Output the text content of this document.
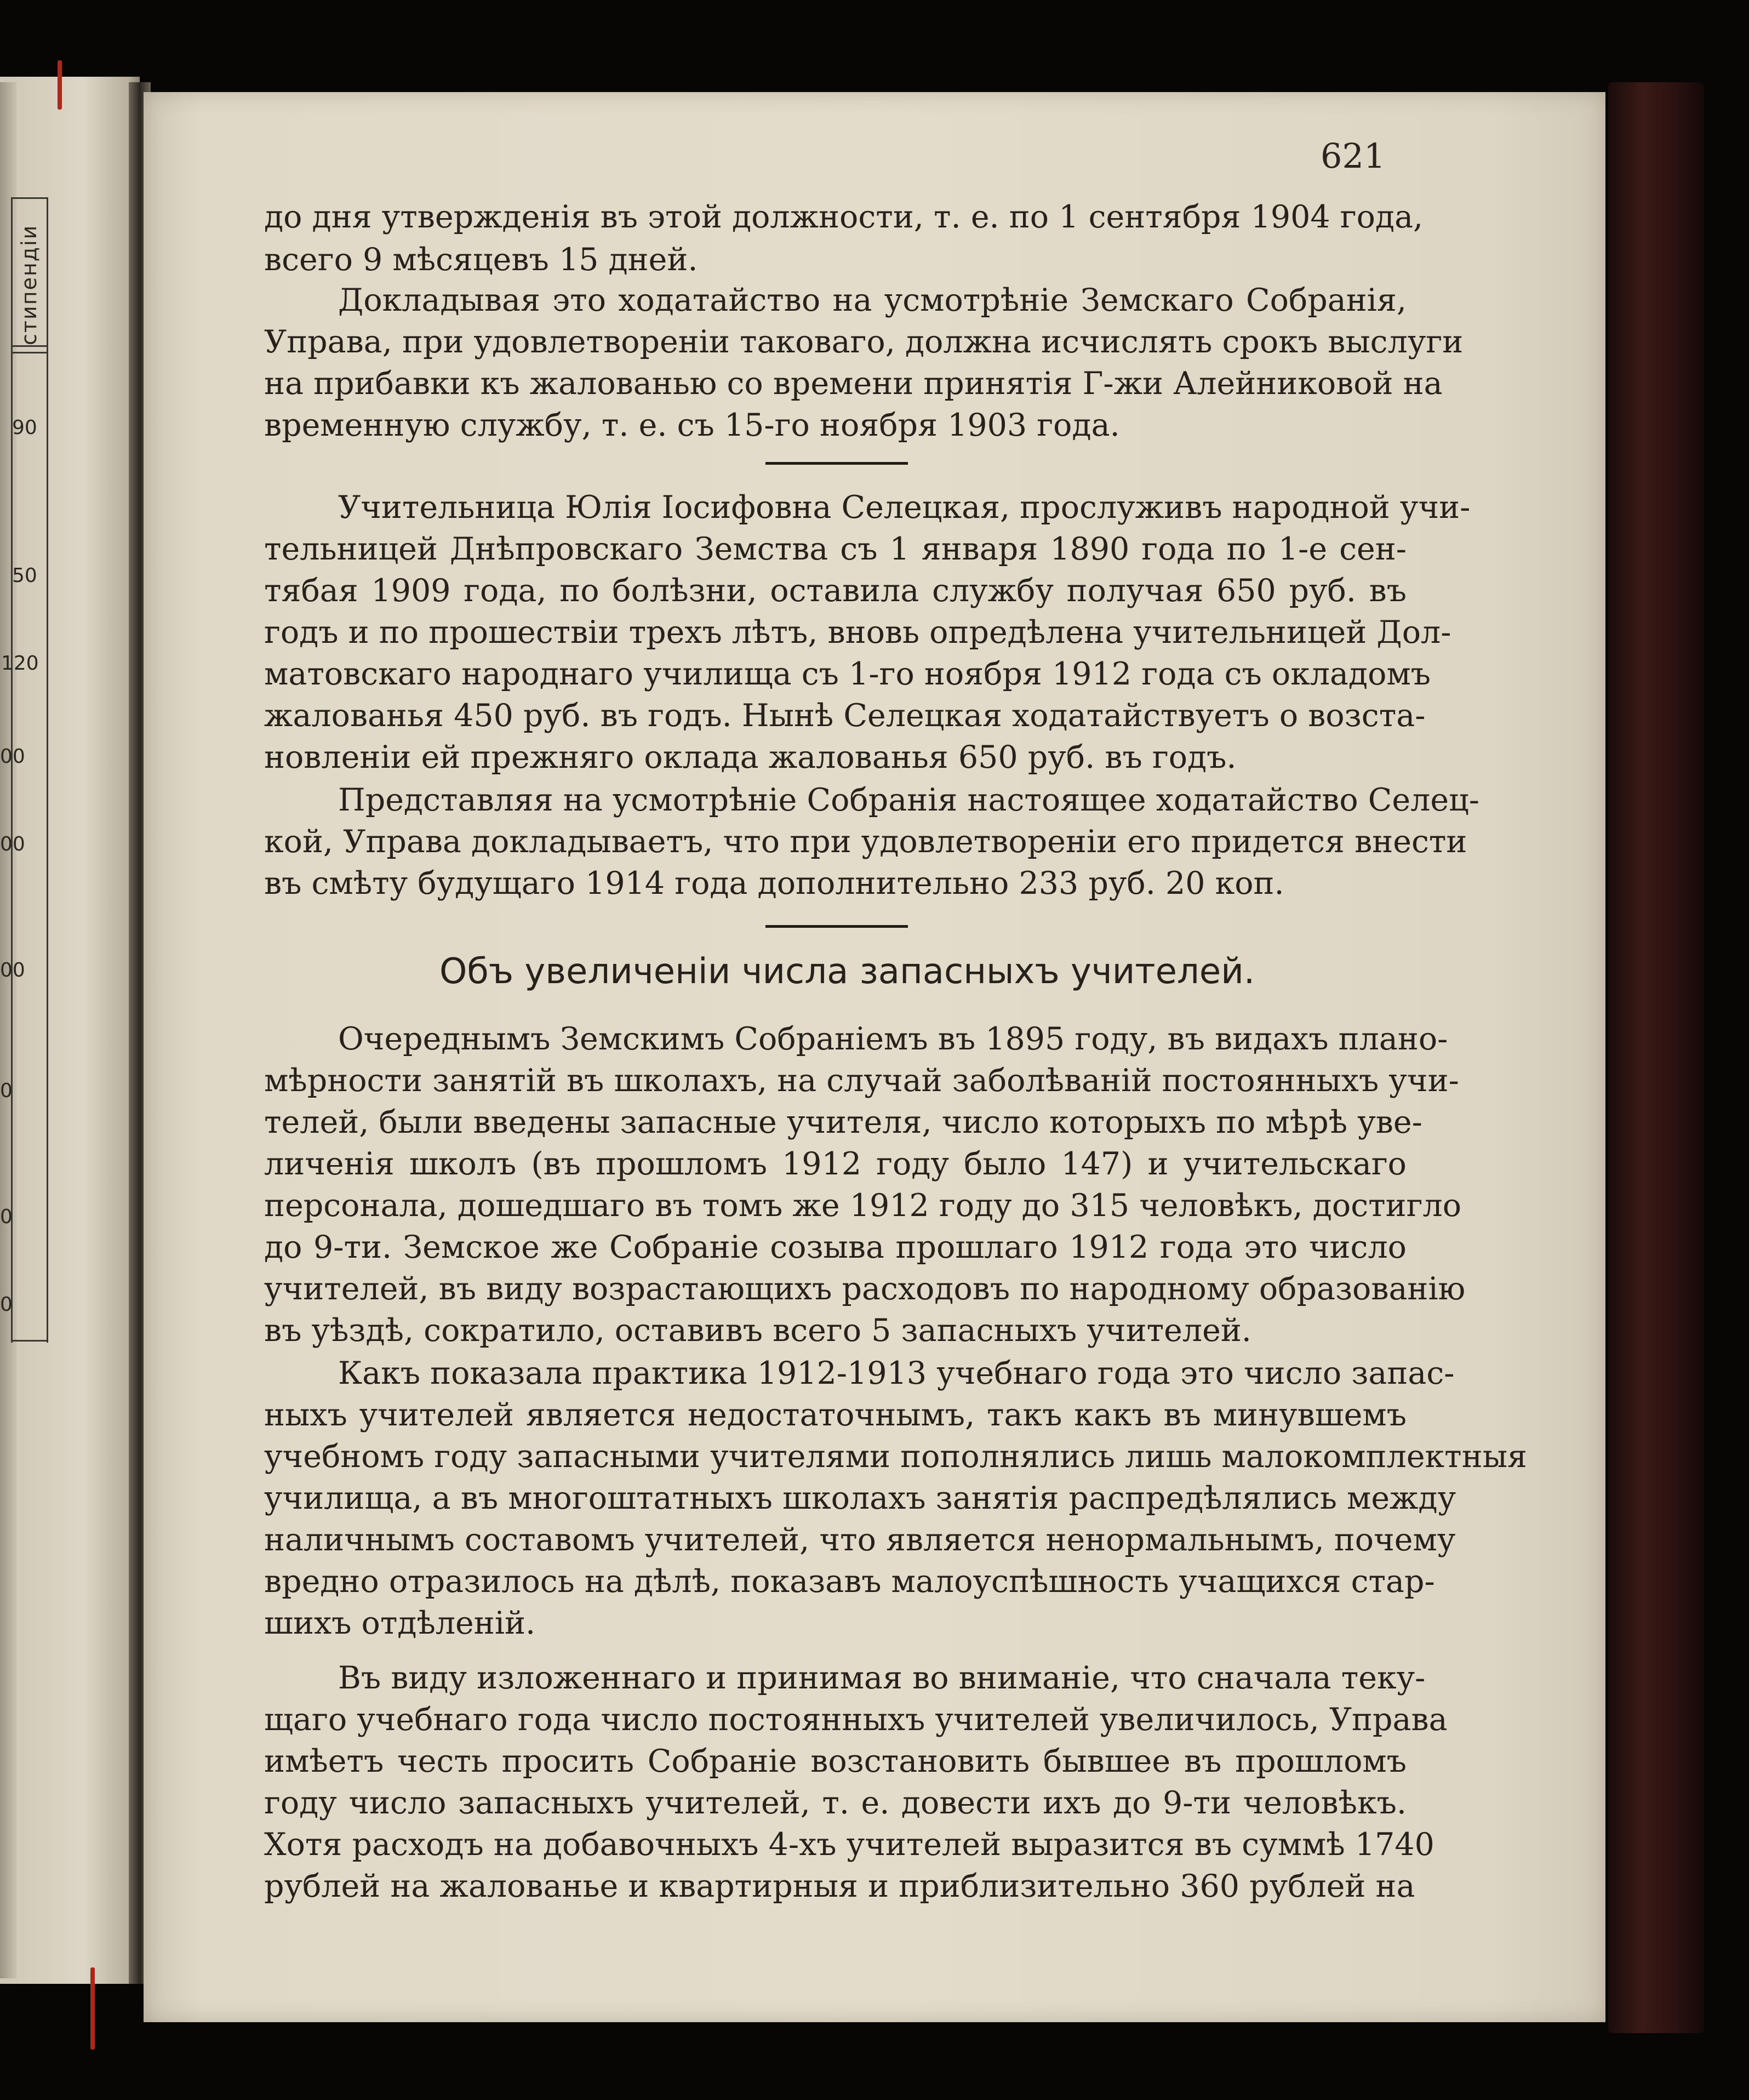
стипендіи
90
50
120
00
00
00
0
0
0
621
до дня утвержденія въ этой должности, т. е. по 1 сентября 1904 года,
всего 9 мѣсяцевъ 15 дней.
Докладывая это ходатайство на усмотрѣніе Земскаго Собранія,
Управа, при удовлетвореніи таковаго, должна исчислять срокъ выслуги
на прибавки къ жалованью со времени принятія Г-жи Алейниковой на
временную службу, т. е. съ 15-го ноября 1903 года.
Учительница Юлія Іосифовна Селецкая, прослуживъ народной учи-
тельницей Днѣпровскаго Земства съ 1 января 1890 года по 1-е сен-
тябая 1909 года, по болѣзни, оставила службу получая 650 руб. въ
годъ и по прошествіи трехъ лѣтъ, вновь опредѣлена учительницей Дол-
матовскаго народнаго училища съ 1-го ноября 1912 года съ окладомъ
жалованья 450 руб. въ годъ. Нынѣ Селецкая ходатайствуетъ о возста-
новленіи ей прежняго оклада жалованья 650 руб. въ годъ.
Представляя на усмотрѣніе Собранія настоящее ходатайство Селец-
кой, Управа докладываетъ, что при удовлетвореніи его придется внести
въ смѣту будущаго 1914 года дополнительно 233 руб. 20 коп.
Объ увеличеніи числа запасныхъ учителей.
Очереднымъ Земскимъ Собраніемъ въ 1895 году, въ видахъ плано-
мѣрности занятій въ школахъ, на случай заболѣваній постоянныхъ учи-
телей, были введены запасные учителя, число которыхъ по мѣрѣ уве-
личенія школъ (въ прошломъ 1912 году было 147) и учительскаго
персонала, дошедшаго въ томъ же 1912 году до 315 человѣкъ, достигло
до 9-ти. Земское же Собраніе созыва прошлаго 1912 года это число
учителей, въ виду возрастающихъ расходовъ по народному образованію
въ уѣздѣ, сократило, оставивъ всего 5 запасныхъ учителей.
Какъ показала практика 1912-1913 учебнаго года это число запас-
ныхъ учителей является недостаточнымъ, такъ какъ въ минувшемъ
учебномъ году запасными учителями пополнялись лишь малокомплектныя
училища, а въ многоштатныхъ школахъ занятія распредѣлялись между
наличнымъ составомъ учителей, что является ненормальнымъ, почему
вредно отразилось на дѣлѣ, показавъ малоуспѣшность учащихся стар-
шихъ отдѣленій.
Въ виду изложеннаго и принимая во вниманіе, что сначала теку-
щаго учебнаго года число постоянныхъ учителей увеличилось, Управа
имѣетъ честь просить Собраніе возстановить бывшее въ прошломъ
году число запасныхъ учителей, т. е. довести ихъ до 9-ти человѣкъ.
Хотя расходъ на добавочныхъ 4-хъ учителей выразится въ суммѣ 1740
рублей на жалованье и квартирныя и приблизительно 360 рублей на
